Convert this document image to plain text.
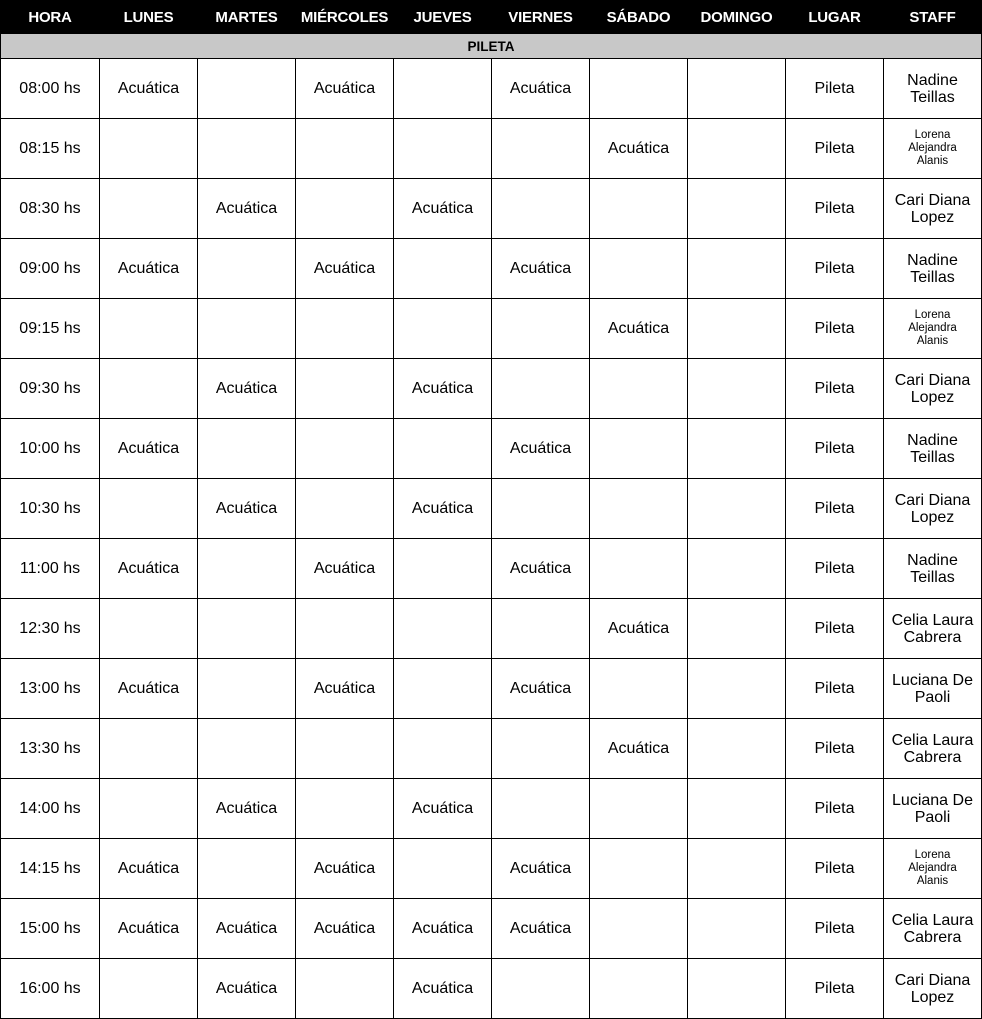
HORA	LUNES	MARTES	MIÉRCOLES	JUEVES	VIERNES	SÁBADO	DOMINGO	LUGAR	STAFF
PILETA									
08:00 hs	Acuática		Acuática		Acuática			Pileta	Nadine Teillas
08:15 hs						Acuática		Pileta	Lorena Alejandra Alanis
08:30 hs		Acuática		Acuática				Pileta	Cari Diana Lopez
09:00 hs	Acuática		Acuática		Acuática			Pileta	Nadine Teillas
09:15 hs						Acuática		Pileta	Lorena Alejandra Alanis
09:30 hs		Acuática		Acuática				Pileta	Cari Diana Lopez
10:00 hs	Acuática				Acuática			Pileta	Nadine Teillas
10:30 hs		Acuática		Acuática				Pileta	Cari Diana Lopez
11:00 hs	Acuática		Acuática		Acuática			Pileta	Nadine Teillas
12:30 hs						Acuática		Pileta	Celia Laura Cabrera
13:00 hs	Acuática		Acuática		Acuática			Pileta	Luciana De Paoli
13:30 hs						Acuática		Pileta	Celia Laura Cabrera
14:00 hs		Acuática		Acuática				Pileta	Luciana De Paoli
14:15 hs	Acuática		Acuática		Acuática			Pileta	Lorena Alejandra Alanis
15:00 hs	Acuática	Acuática	Acuática	Acuática	Acuática			Pileta	Celia Laura Cabrera
16:00 hs		Acuática		Acuática				Pileta	Cari Diana Lopez
